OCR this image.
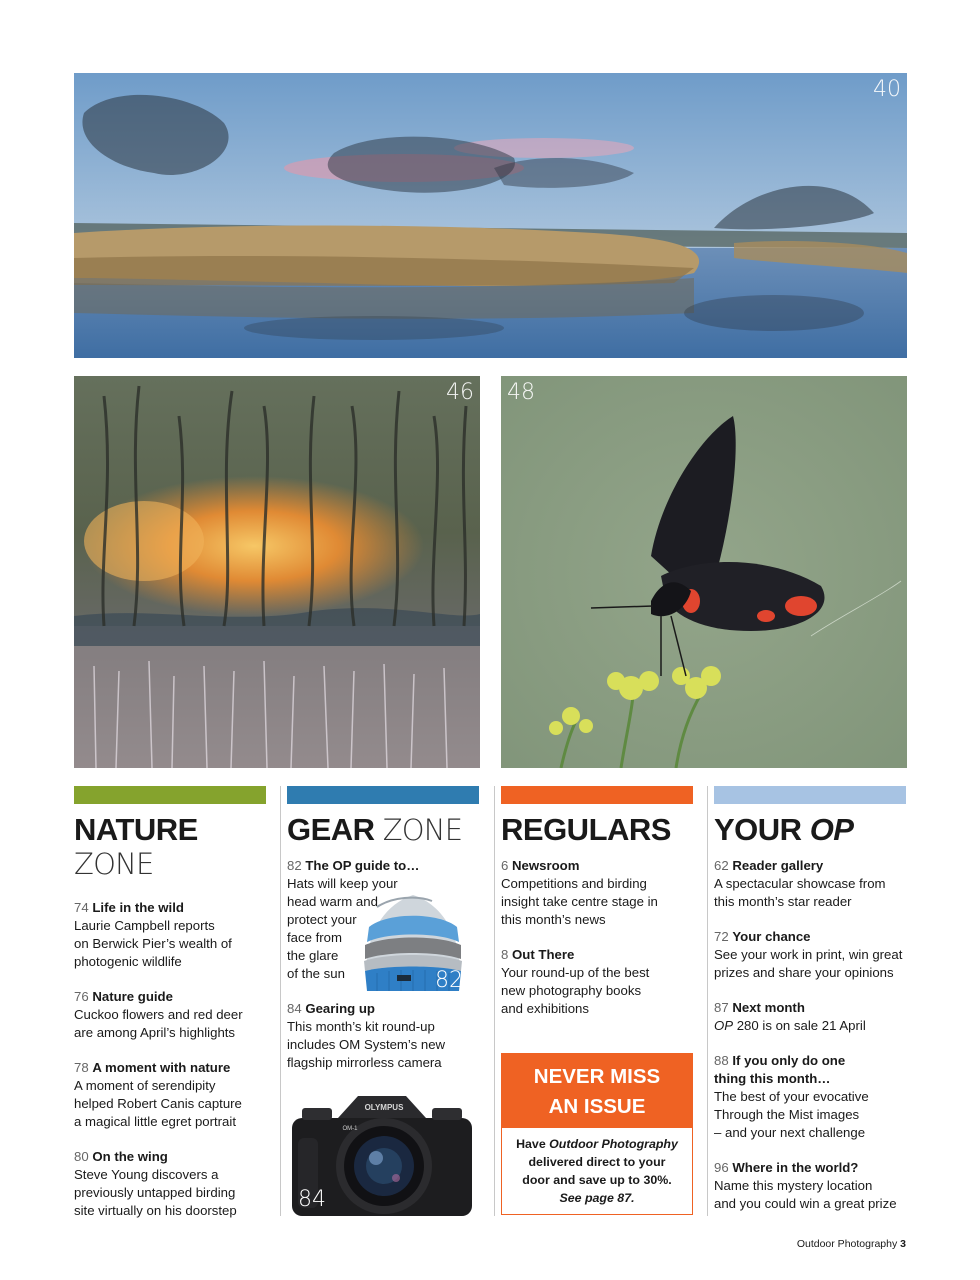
40
46 48
NATURE
ZONE
74 Life in the wild
Laurie Campbell reports
on Berwick Pier’s wealth of
photogenic wildlife
76 Nature guide
Cuckoo flowers and red deer
are among April’s highlights
78 A moment with nature
A moment of serendipity
helped Robert Canis capture
a magical little egret portrait
80 On the wing
Steve Young discovers a
previously untapped birding
site virtually on his doorstep
GEAR ZONE
82 The OP guide to…
Hats will keep your
head warm and
protect your
face from
the glare
of the sun
84 Gearing up
This month’s kit round-up
includes OM System’s new
flagship mirrorless camera
82
OLYMPUS
OM-1
84
REGULARS
6 Newsroom
Competitions and birding
insight take centre stage in
this month’s news
8 Out There
Your round-up of the best
new photography books
and exhibitions
NEVER MISS
AN ISSUE
Have Outdoor Photography
delivered direct to your
door and save up to 30%.
See page 87.
YOUR OP
62 Reader gallery
A spectacular showcase from
this month’s star reader
72 Your chance
See your work in print, win great
prizes and share your opinions
87 Next month
OP 280 is on sale 21 April
88 If you only do one
thing this month…
The best of your evocative
Through the Mist images
– and your next challenge
96 Where in the world?
Name this mystery location
and you could win a great prize
Outdoor Photography 3
